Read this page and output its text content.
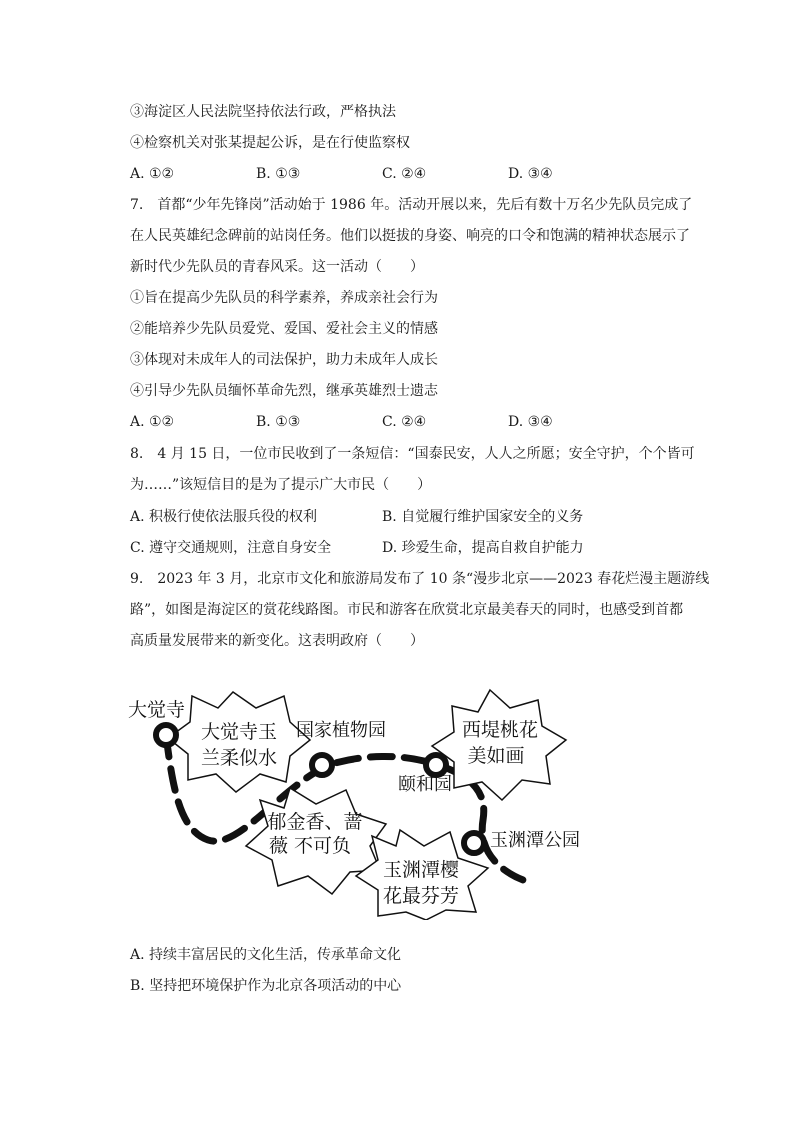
③海淀区人民法院坚持依法行政，严格执法
④检察机关对张某提起公诉，是在行使监察权
A. ①②	B. ①③	C. ②④	D. ③④
7.　首都“少年先锋岗”活动始于 1986 年。活动开展以来，先后有数十万名少先队员完成了
在人民英雄纪念碑前的站岗任务。他们以挺拔的身姿、响亮的口令和饱满的精神状态展示了
新时代少先队员的青春风采。这一活动（　　）
①旨在提高少先队员的科学素养，养成亲社会行为
②能培养少先队员爱党、爱国、爱社会主义的情感
③体现对未成年人的司法保护，助力未成年人成长
④引导少先队员缅怀革命先烈，继承英雄烈士遗志
A. ①②	B. ①③	C. ②④	D. ③④
8.　4 月 15 日，一位市民收到了一条短信：“国泰民安，人人之所愿；安全守护，个个皆可
为……”该短信目的是为了提示广大市民（　　）
A. 积极行使依法服兵役的权利	B. 自觉履行维护国家安全的义务
C. 遵守交通规则，注意自身安全	D. 珍爱生命，提高自救自护能力
9.　2023 年 3 月，北京市文化和旅游局发布了 10 条“漫步北京——2023 春花烂漫主题游线
路”，如图是海淀区的赏花线路图。市民和游客在欣赏北京最美春天的同时，也感受到首都
高质量发展带来的新变化。这表明政府（　　）
大觉寺玉
兰柔似水
郁金香、蔷
薇 不可负
西堤桃花
美如画
玉渊潭樱
花最芬芳
大觉寺
国家植物园
颐和园
玉渊潭公园
A. 持续丰富居民的文化生活，传承革命文化
B. 坚持把环境保护作为北京各项活动的中心
